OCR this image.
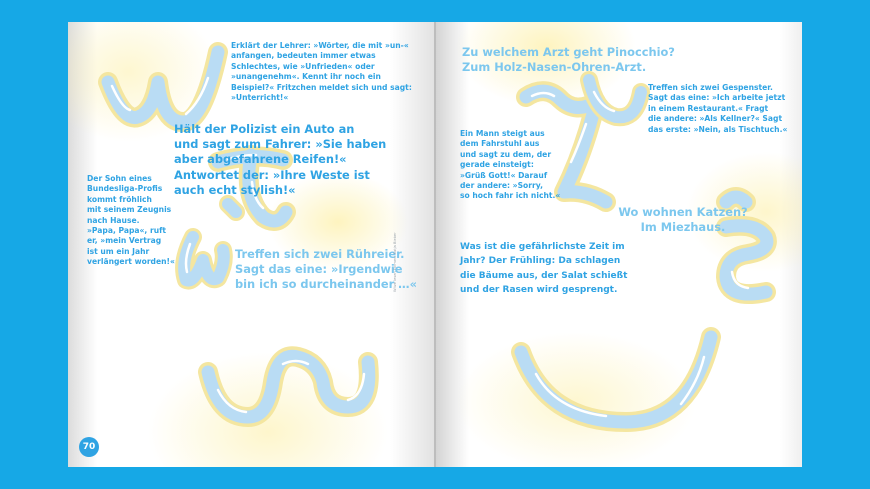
Erklärt der Lehrer: »Wörter, die mit »un-« anfangen, bedeuten immer etwas Schlechtes, wie »Unfrieden« oder »unangenehm«. Kennt ihr noch ein Beispiel?« Fritzchen meldet sich und sagt: »Unterricht!«

Hält der Polizist ein Auto an
und sagt zum Fahrer: »Sie haben
aber abgefahrene Reifen!«
Antwortet der: »Ihre Weste ist
auch echt stylish!«

Der Sohn eines
Bundesliga-Profis
kommt fröhlich
mit seinem Zeugnis
nach Hause.
»Papa, Papa«, ruft
er, »mein Vertrag
ist um ein Jahr
verlängert worden!«

Treffen sich zwei Rühreier.
Sagt das eine: »Irgendwie
bin ich so durcheinander …«

Witze lesen Formen: Katja Bieber
70

Zu welchem Arzt geht Pinocchio?
Zum Holz-Nasen-Ohren-Arzt.

Treffen sich zwei Gespenster.
Sagt das eine: »Ich arbeite jetzt
in einem Restaurant.« Fragt
die andere: »Als Kellner?« Sagt
das erste: »Nein, als Tischtuch.«

Ein Mann steigt aus
dem Fahrstuhl aus
und sagt zu dem, der
gerade einsteigt:
»Grüß Gott!« Darauf
der andere: »Sorry,
so hoch fahr ich nicht.«

Wo wohnen Katzen?
Im Miezhaus.

Was ist die gefährlichste Zeit im
Jahr? Der Frühling: Da schlagen
die Bäume aus, der Salat schießt
und der Rasen wird gesprengt.
